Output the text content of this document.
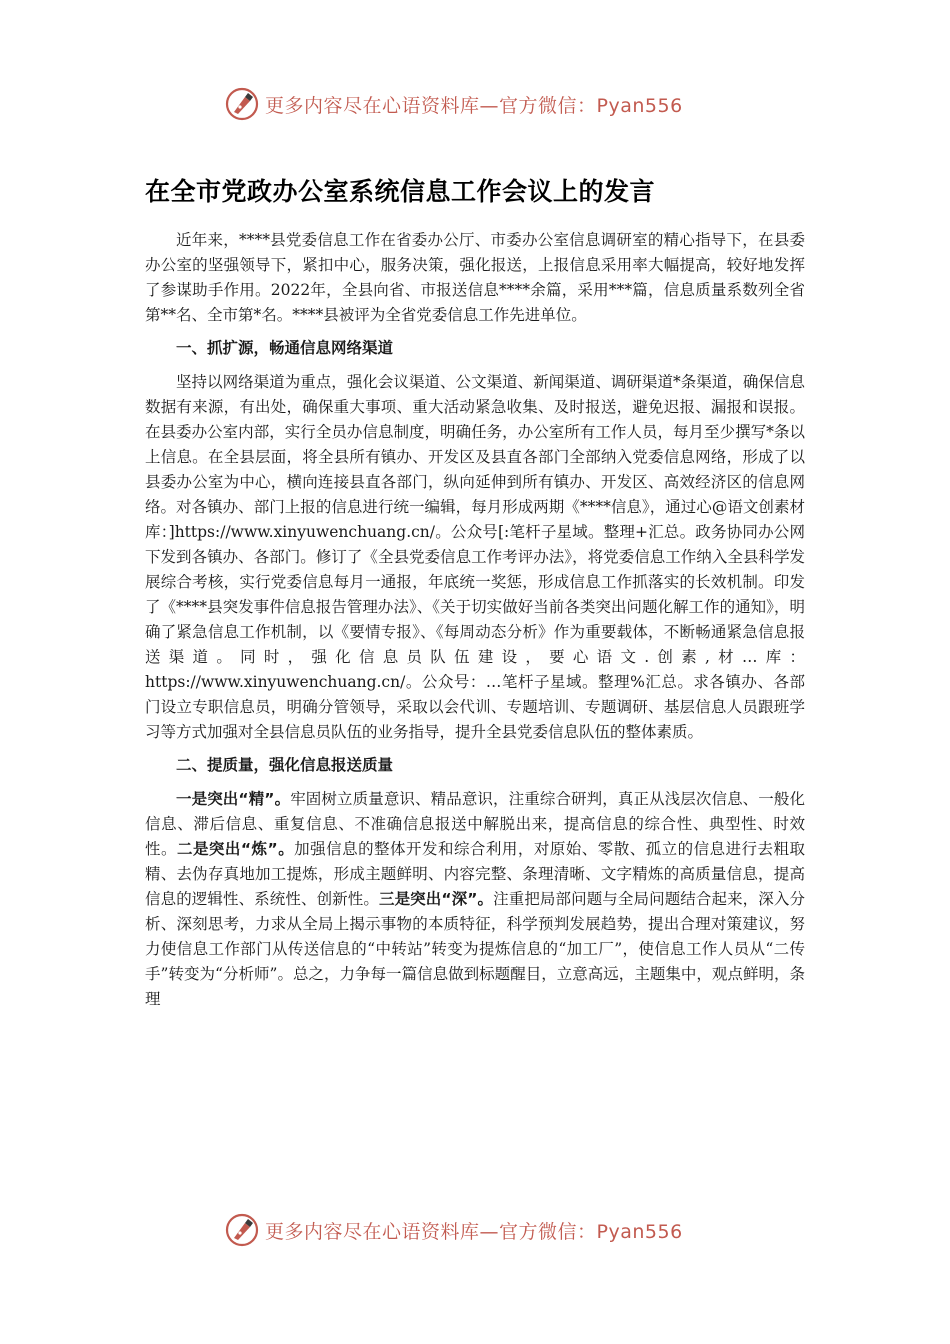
更多内容尽在心语资料库—官方微信：Pyan556
在全市党政办公室系统信息工作会议上的发言

近年来，****县党委信息工作在省委办公厅、市委办公室信息调研室的精心指导下，在县委办公室的坚强领导下，紧扣中心，服务决策，强化报送，上报信息采用率大幅提高，较好地发挥了参谋助手作用。2022年，全县向省、市报送信息****余篇，采用***篇，信息质量系数列全省第**名、全市第*名。****县被评为全省党委信息工作先进单位。

一、抓扩源，畅通信息网络渠道

坚持以网络渠道为重点，强化会议渠道、公文渠道、新闻渠道、调研渠道*条渠道，确保信息数据有来源，有出处，确保重大事项、重大活动紧急收集、及时报送，避免迟报、漏报和误报。在县委办公室内部，实行全员办信息制度，明确任务，办公室所有工作人员，每月至少撰写*条以上信息。在全县层面，将全县所有镇办、开发区及县直各部门全部纳入党委信息网络，形成了以县委办公室为中心，横向连接县直各部门，纵向延伸到所有镇办、开发区、高效经济区的信息网络。对各镇办、部门上报的信息进行统一编辑，每月形成两期《****信息》，通过心@语文创素材库：]https://www.xinyuwenchuang.cn/。公众号[:笔杆子星域。整理+汇总。政务协同办公网下发到各镇办、各部门。修订了《全县党委信息工作考评办法》，将党委信息工作纳入全县科学发展综合考核，实行党委信息每月一通报，年底统一奖惩，形成信息工作抓落实的长效机制。印发了《****县突发事件信息报告管理办法》、《关于切实做好当前各类突出问题化解工作的通知》，明确了紧急信息工作机制，以《要情专报》、《每周动态分析》作为重要载体，不断畅通紧急信息报送渠道。同时，强化信息员队伍建设，要心语文.创素,材…库：https://www.xinyuwenchuang.cn/。公众号：…笔杆子星域。整理%汇总。求各镇办、各部门设立专职信息员，明确分管领导，采取以会代训、专题培训、专题调研、基层信息人员跟班学习等方式加强对全县信息员队伍的业务指导，提升全县党委信息队伍的整体素质。

二、提质量，强化信息报送质量

一是突出“精”。牢固树立质量意识、精品意识，注重综合研判，真正从浅层次信息、一般化信息、滞后信息、重复信息、不准确信息报送中解脱出来，提高信息的综合性、典型性、时效性。二是突出“炼”。加强信息的整体开发和综合利用，对原始、零散、孤立的信息进行去粗取精、去伪存真地加工提炼，形成主题鲜明、内容完整、条理清晰、文字精炼的高质量信息，提高信息的逻辑性、系统性、创新性。三是突出“深”。注重把局部问题与全局问题结合起来，深入分析、深刻思考，力求从全局上揭示事物的本质特征，科学预判发展趋势，提出合理对策建议，努力使信息工作部门从传送信息的“中转站”转变为提炼信息的“加工厂”，使信息工作人员从“二传手”转变为“分析师”。总之，力争每一篇信息做到标题醒目，立意高远，主题集中，观点鲜明，条理

更多内容尽在心语资料库—官方微信：Pyan556
